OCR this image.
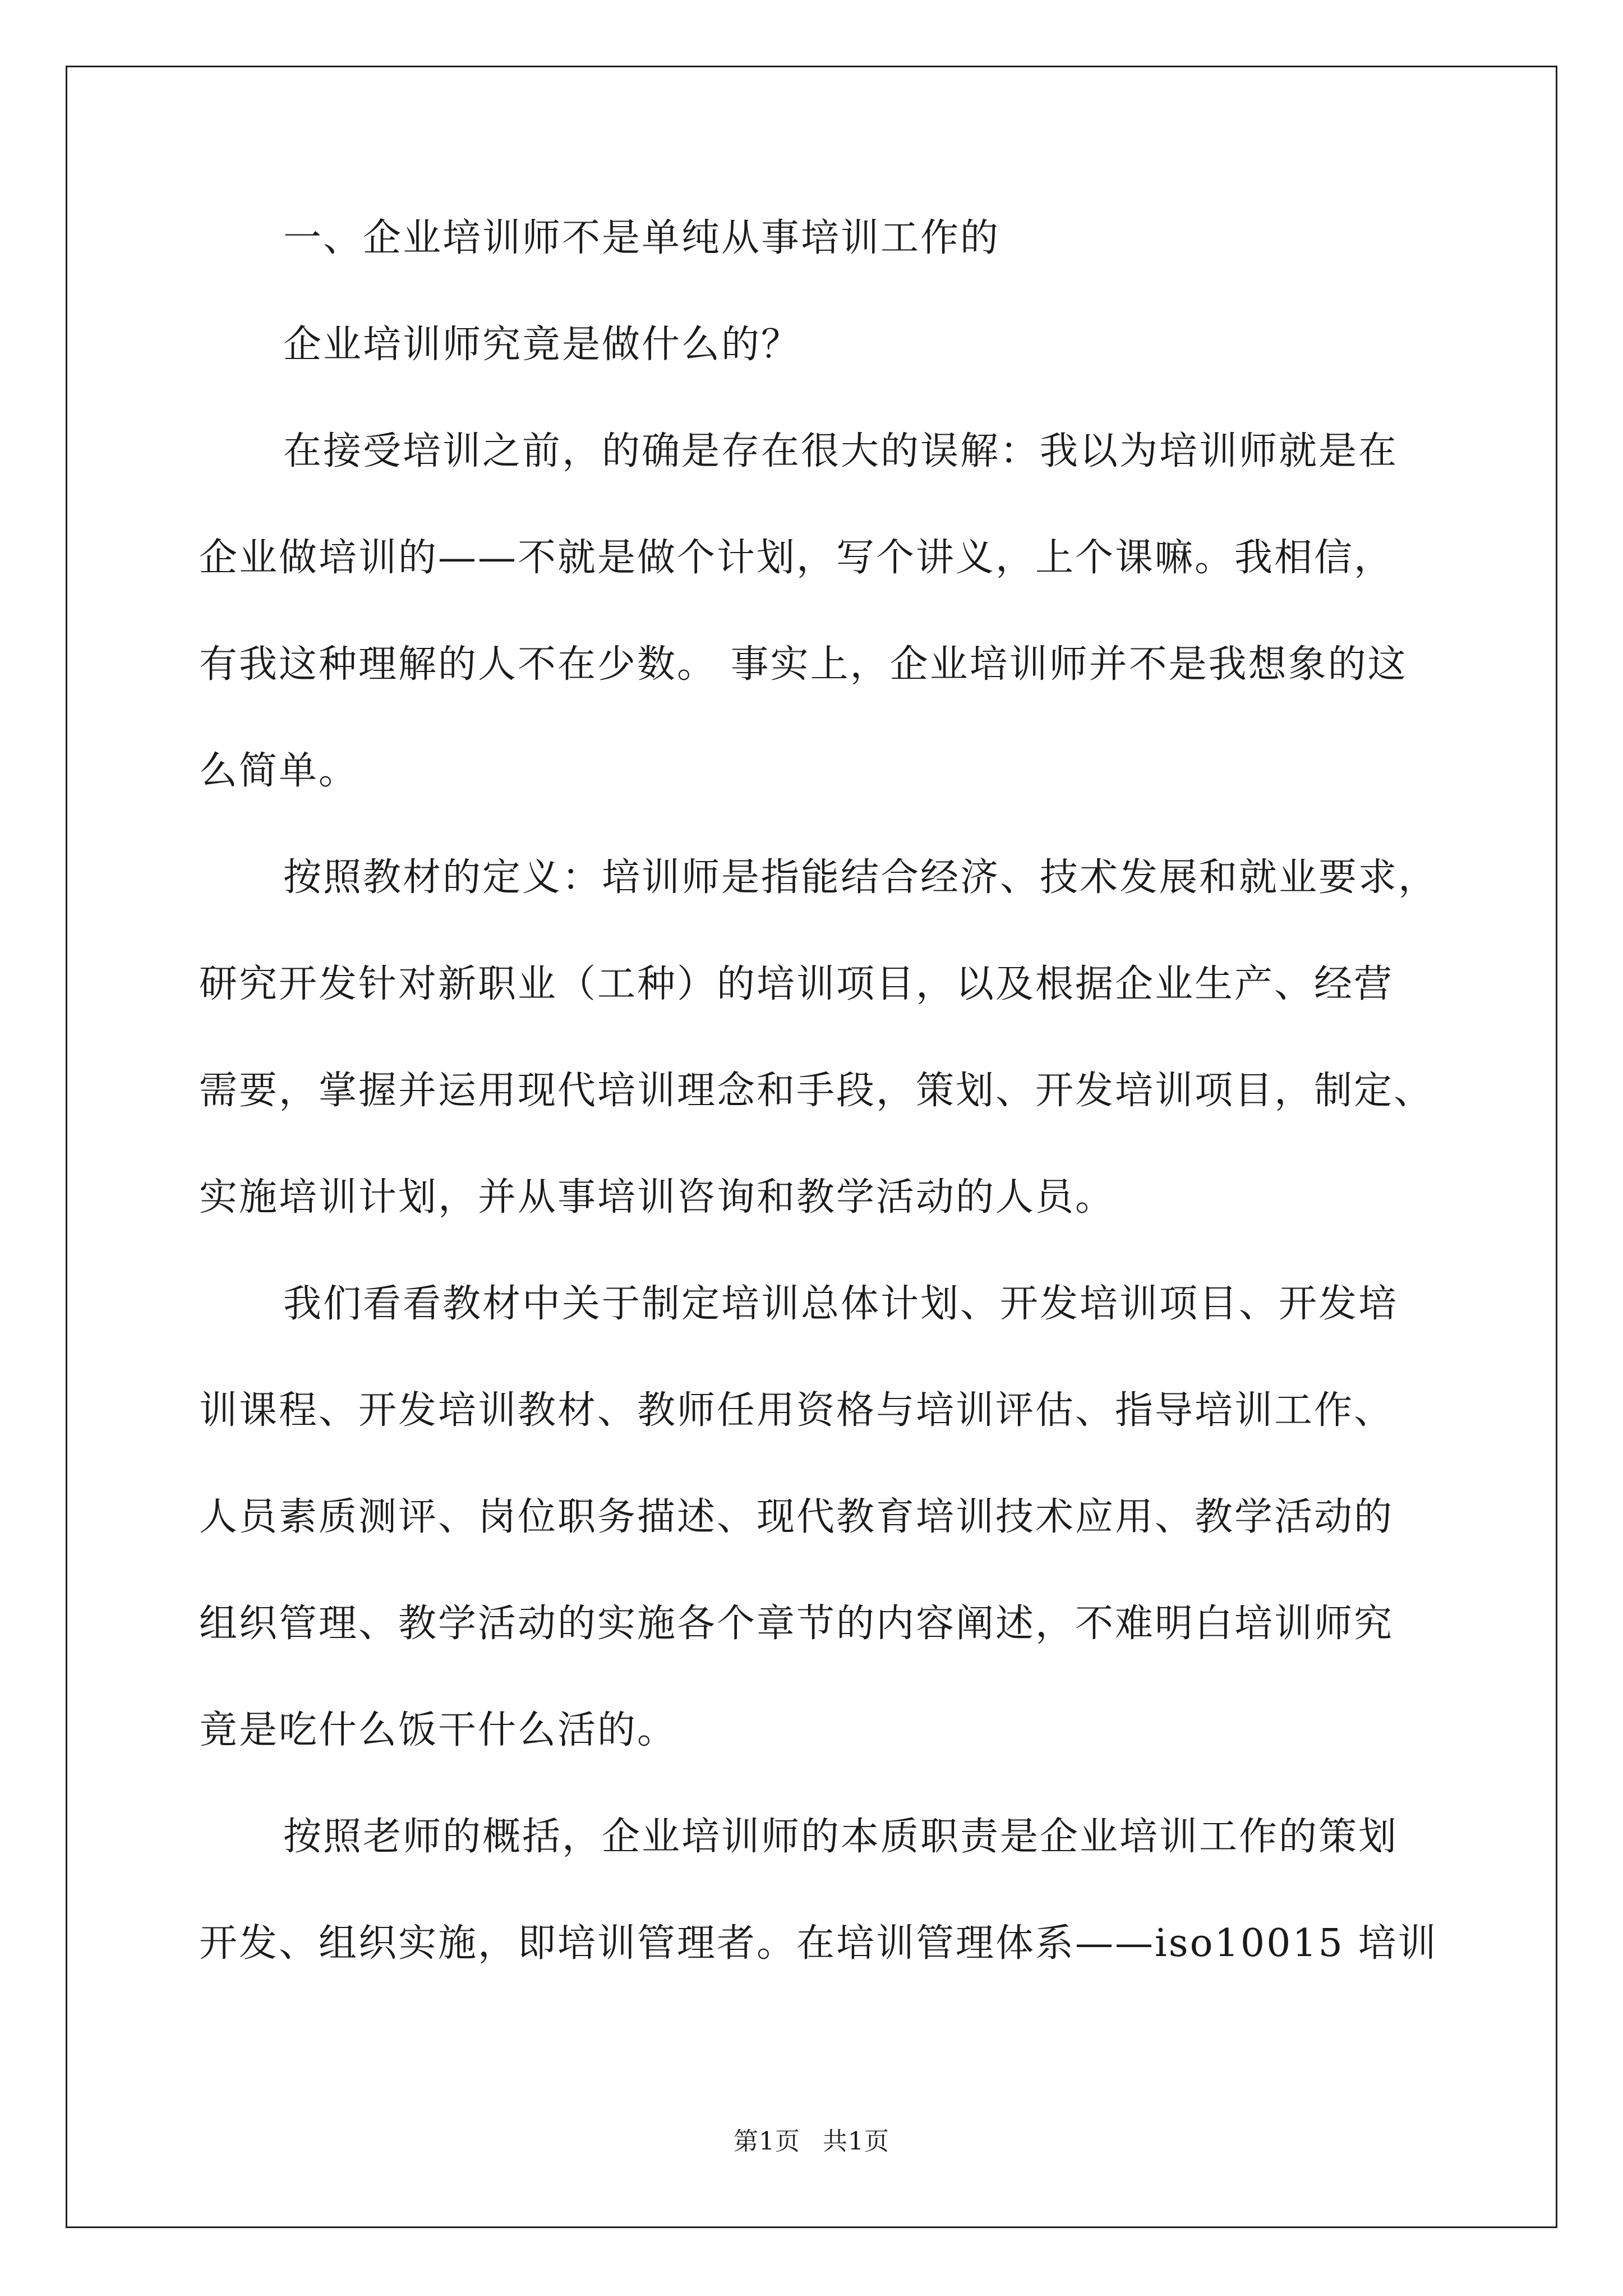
一、企业培训师不是单纯从事培训工作的
企业培训师究竟是做什么的？
在接受培训之前，的确是存在很大的误解：我以为培训师就是在
企业做培训的——不就是做个计划，写个讲义，上个课嘛。我相信，
有我这种理解的人不在少数。 事实上，企业培训师并不是我想象的这
么简单。
按照教材的定义：培训师是指能结合经济、技术发展和就业要求，
研究开发针对新职业（工种）的培训项目，以及根据企业生产、经营
需要，掌握并运用现代培训理念和手段，策划、开发培训项目，制定、
实施培训计划，并从事培训咨询和教学活动的人员。
我们看看教材中关于制定培训总体计划、开发培训项目、开发培
训课程、开发培训教材、教师任用资格与培训评估、指导培训工作、
人员素质测评、岗位职务描述、现代教育培训技术应用、教学活动的
组织管理、教学活动的实施各个章节的内容阐述，不难明白培训师究
竟是吃什么饭干什么活的。
按照老师的概括，企业培训师的本质职责是企业培训工作的策划
开发、组织实施，即培训管理者。在培训管理体系——iso10015 培训
第1页 共1页
